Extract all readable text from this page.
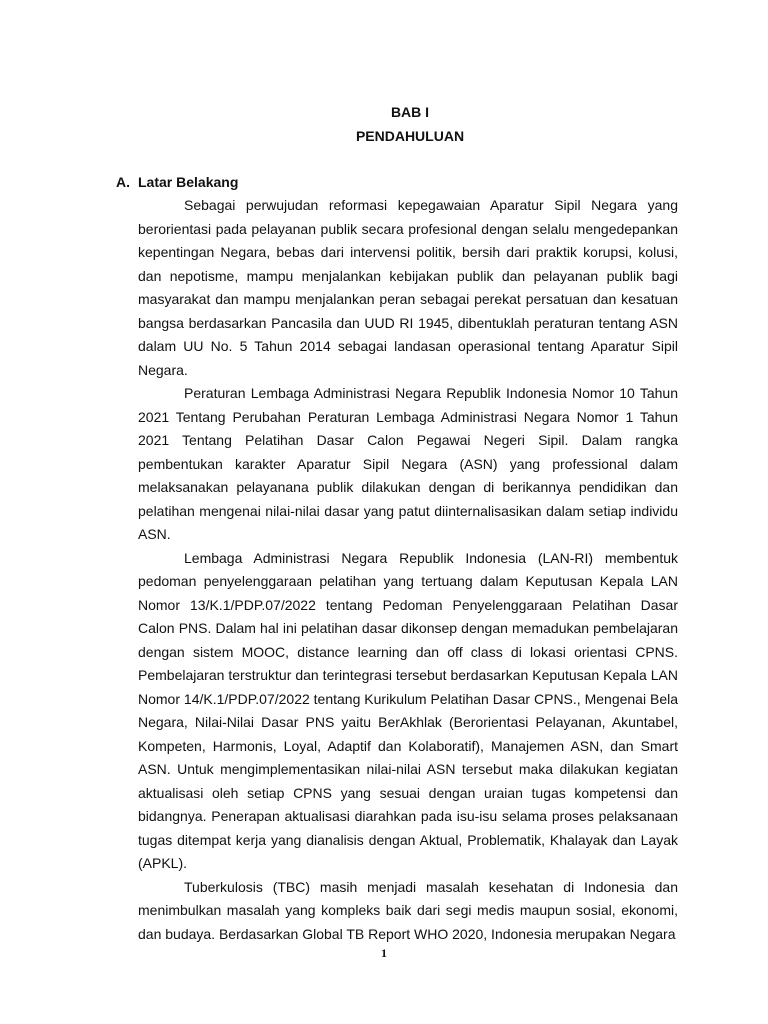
BAB I
PENDAHULUAN
A. Latar Belakang

Sebagai perwujudan reformasi kepegawaian Aparatur Sipil Negara yang berorientasi pada pelayanan publik secara profesional dengan selalu mengedepankan kepentingan Negara, bebas dari intervensi politik, bersih dari praktik korupsi, kolusi, dan nepotisme, mampu menjalankan kebijakan publik dan pelayanan publik bagi masyarakat dan mampu menjalankan peran sebagai perekat persatuan dan kesatuan bangsa berdasarkan Pancasila dan UUD RI 1945, dibentuklah peraturan tentang ASN dalam UU No. 5 Tahun 2014 sebagai landasan operasional tentang Aparatur Sipil Negara.

Peraturan Lembaga Administrasi Negara Republik Indonesia Nomor 10 Tahun 2021 Tentang Perubahan Peraturan Lembaga Administrasi Negara Nomor 1 Tahun 2021 Tentang Pelatihan Dasar Calon Pegawai Negeri Sipil. Dalam rangka pembentukan karakter Aparatur Sipil Negara (ASN) yang professional dalam melaksanakan pelayanana publik dilakukan dengan di berikannya pendidikan dan pelatihan mengenai nilai-nilai dasar yang patut diinternalisasikan dalam setiap individu ASN.

Lembaga Administrasi Negara Republik Indonesia (LAN-RI) membentuk pedoman penyelenggaraan pelatihan yang tertuang dalam Keputusan Kepala LAN Nomor 13/K.1/PDP.07/2022 tentang Pedoman Penyelenggaraan Pelatihan Dasar Calon PNS. Dalam hal ini pelatihan dasar dikonsep dengan memadukan pembelajaran dengan sistem MOOC, distance learning dan off class di lokasi orientasi CPNS. Pembelajaran terstruktur dan terintegrasi tersebut berdasarkan Keputusan Kepala LAN Nomor 14/K.1/PDP.07/2022 tentang Kurikulum Pelatihan Dasar CPNS., Mengenai Bela Negara, Nilai-Nilai Dasar PNS yaitu BerAkhlak (Berorientasi Pelayanan, Akuntabel, Kompeten, Harmonis, Loyal, Adaptif dan Kolaboratif), Manajemen ASN, dan Smart ASN. Untuk mengimplementasikan nilai-nilai ASN tersebut maka dilakukan kegiatan aktualisasi oleh setiap CPNS yang sesuai dengan uraian tugas kompetensi dan bidangnya. Penerapan aktualisasi diarahkan pada isu-isu selama proses pelaksanaan tugas ditempat kerja yang dianalisis dengan Aktual, Problematik, Khalayak dan Layak (APKL).

Tuberkulosis (TBC) masih menjadi masalah kesehatan di Indonesia dan menimbulkan masalah yang kompleks baik dari segi medis maupun sosial, ekonomi, dan budaya. Berdasarkan Global TB Report WHO 2020, Indonesia merupakan Negara

1
